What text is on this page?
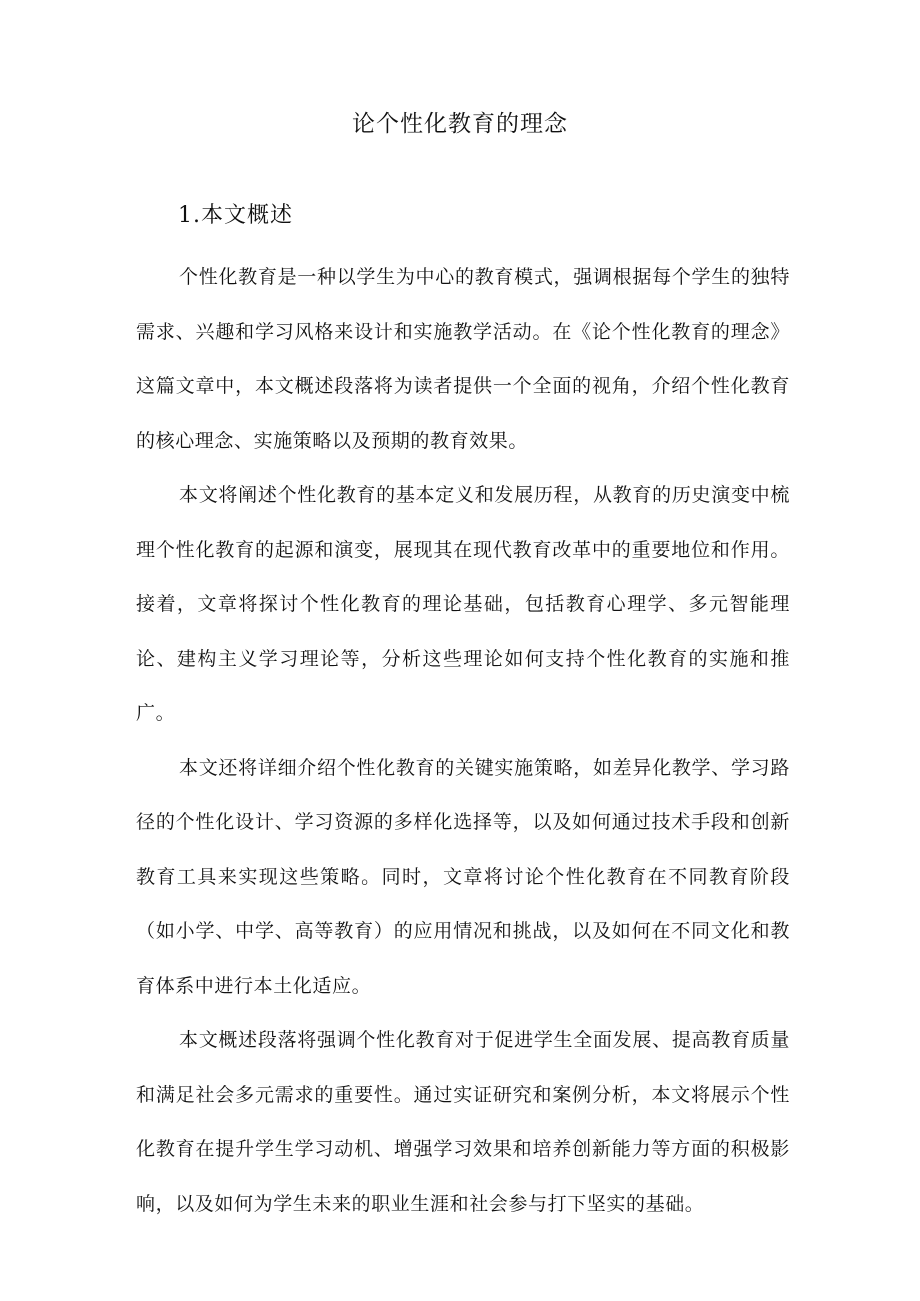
论个性化教育的理念
1.本文概述

个性化教育是一种以学生为中心的教育模式，强调根据每个学生的独特需求、兴趣和学习风格来设计和实施教学活动。在《论个性化教育的理念》这篇文章中，本文概述段落将为读者提供一个全面的视角，介绍个性化教育的核心理念、实施策略以及预期的教育效果。

本文将阐述个性化教育的基本定义和发展历程，从教育的历史演变中梳理个性化教育的起源和演变，展现其在现代教育改革中的重要地位和作用。接着，文章将探讨个性化教育的理论基础，包括教育心理学、多元智能理论、建构主义学习理论等，分析这些理论如何支持个性化教育的实施和推广。

本文还将详细介绍个性化教育的关键实施策略，如差异化教学、学习路径的个性化设计、学习资源的多样化选择等，以及如何通过技术手段和创新教育工具来实现这些策略。同时，文章将讨论个性化教育在不同教育阶段（如小学、中学、高等教育）的应用情况和挑战，以及如何在不同文化和教育体系中进行本土化适应。

本文概述段落将强调个性化教育对于促进学生全面发展、提高教育质量和满足社会多元需求的重要性。通过实证研究和案例分析，本文将展示个性化教育在提升学生学习动机、增强学习效果和培养创新能力等方面的积极影响，以及如何为学生未来的职业生涯和社会参与打下坚实的基础。
